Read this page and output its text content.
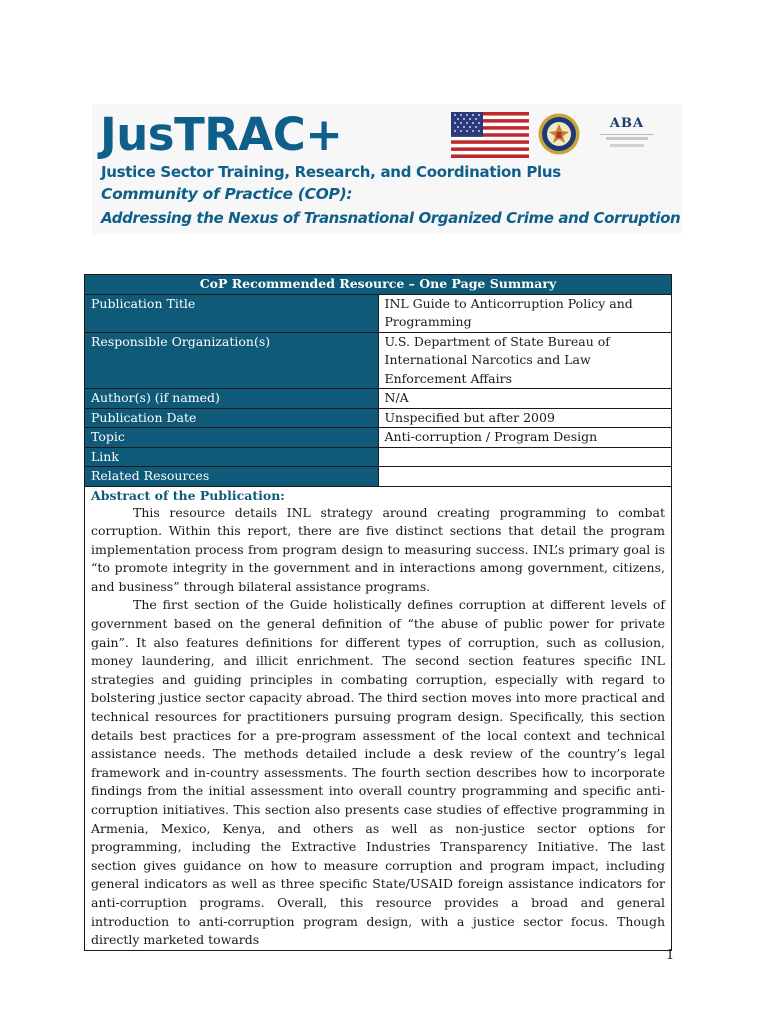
JusTRAC+
Justice Sector Training, Research, and Coordination Plus
Community of Practice (COP):
Addressing the Nexus of Transnational Organized Crime and Corruption
ABA
CoP Recommended Resource – One Page Summary	
Publication Title	INL Guide to Anticorruption Policy and Programming
Responsible Organization(s)	U.S. Department of State Bureau of International Narcotics and Law Enforcement Affairs
Author(s) (if named)	N/A
Publication Date	Unspecified but after 2009
Topic	Anti-corruption / Program Design
Link	
Related Resources	

Abstract of the Publication:

This resource details INL strategy around creating programming to combat corruption. Within this report, there are five distinct sections that detail the program implementation process from program design to measuring success. INL’s primary goal is “to promote integrity in the government and in interactions among government, citizens, and business” through bilateral assistance programs.

The first section of the Guide holistically defines corruption at different levels of government based on the general definition of “the abuse of public power for private gain”. It also features definitions for different types of corruption, such as collusion, money laundering, and illicit enrichment. The second section features specific INL strategies and guiding principles in combating corruption, especially with regard to bolstering justice sector capacity abroad. The third section moves into more practical and technical resources for practitioners pursuing program design. Specifically, this section details best practices for a pre-program assessment of the local context and technical assistance needs. The methods detailed include a desk review of the country’s legal framework and in-country assessments. The fourth section describes how to incorporate findings from the initial assessment into overall country programming and specific anti-corruption initiatives. This section also presents case studies of effective programming in Armenia, Mexico, Kenya, and others as well as non-justice sector options for programming, including the Extractive Industries Transparency Initiative. The last section gives guidance on how to measure corruption and program impact, including general indicators as well as three specific State/USAID foreign assistance indicators for anti-corruption programs. Overall, this resource provides a broad and general introduction to anti-corruption program design, with a justice sector focus. Though directly marketed towards	

1
